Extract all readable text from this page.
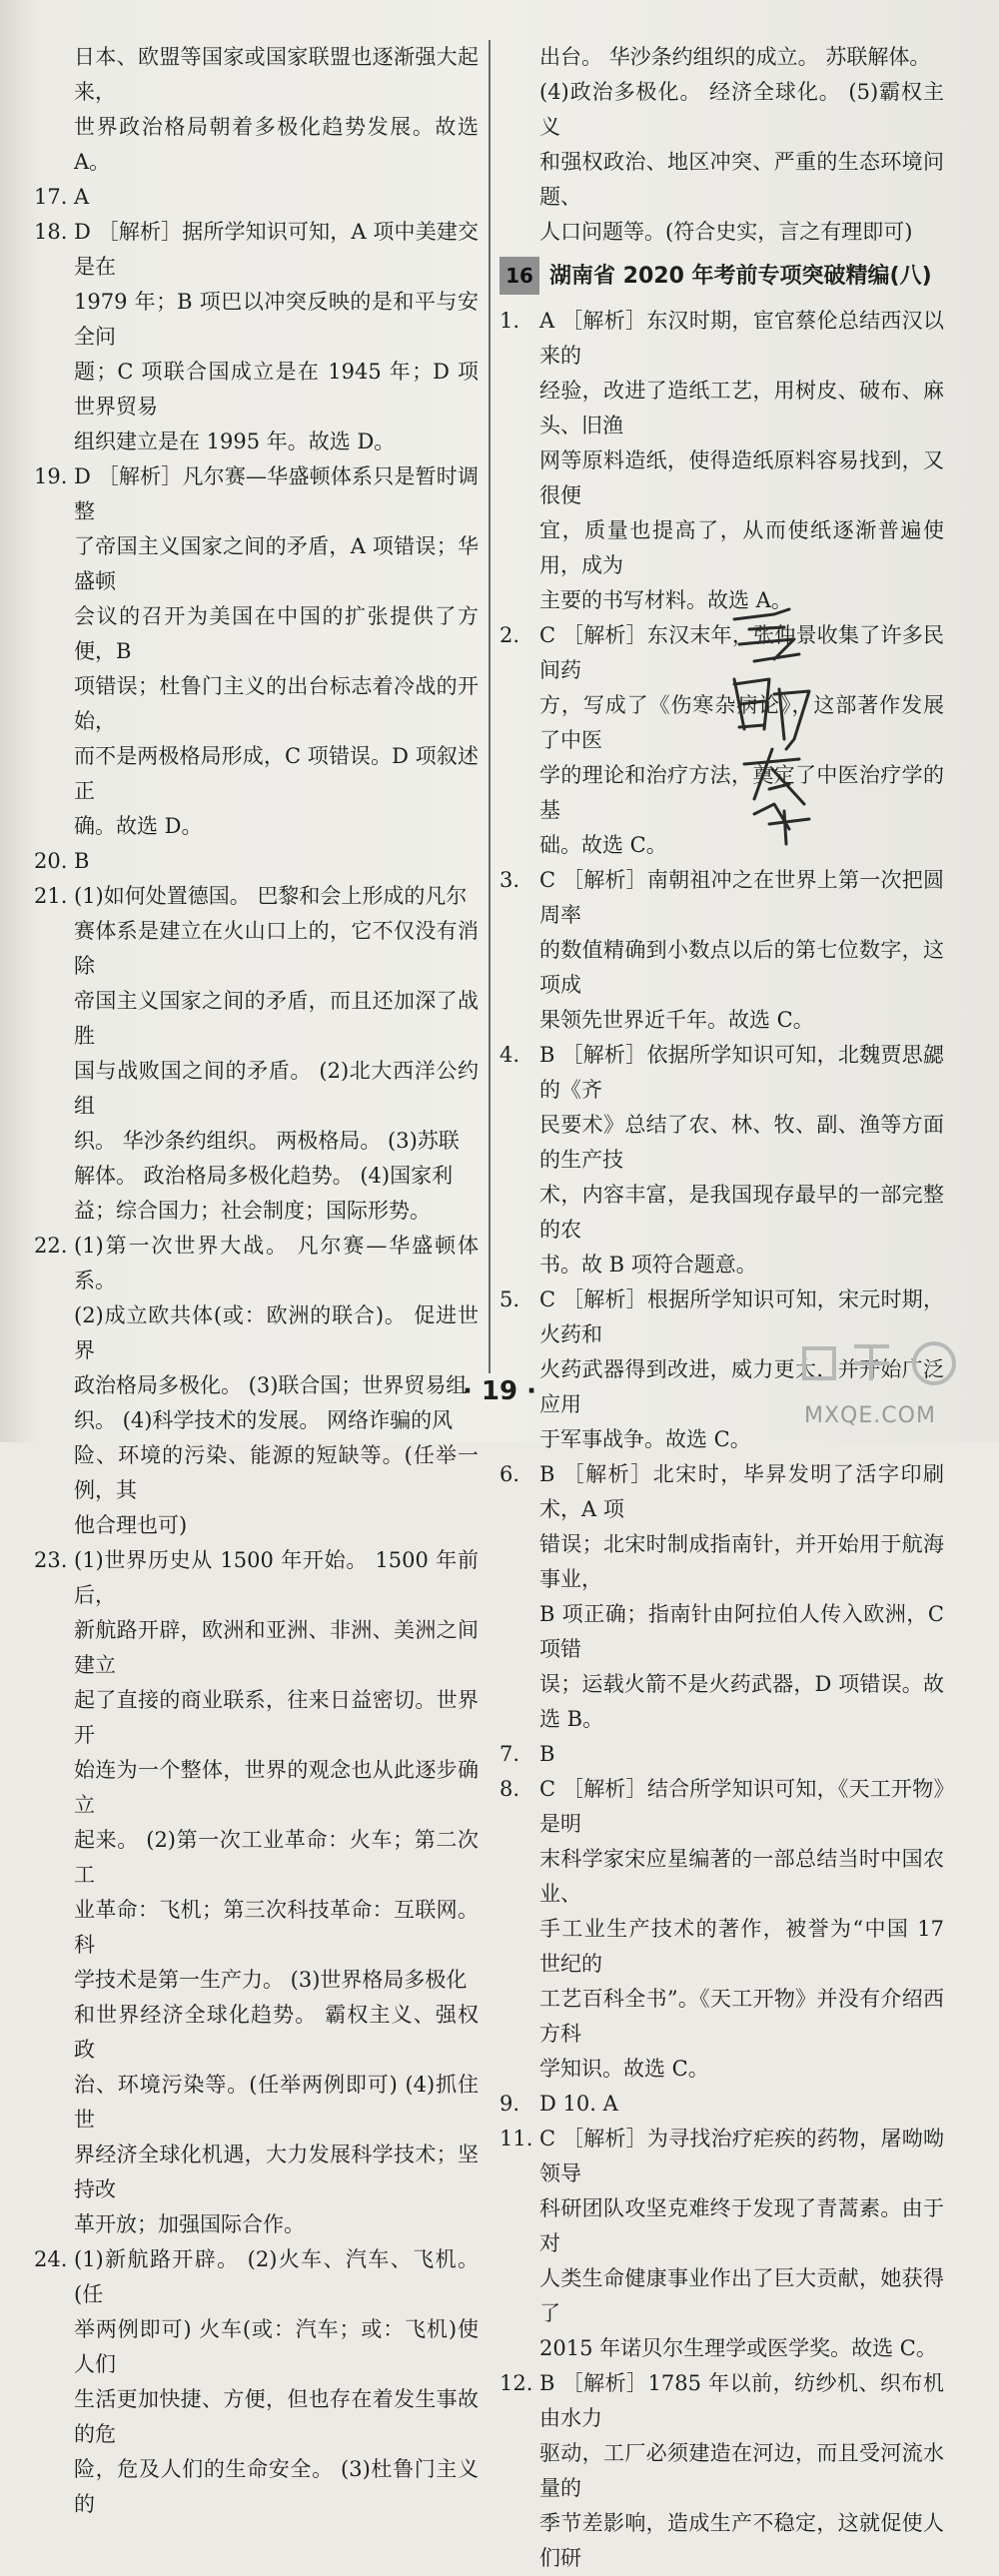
日本、欧盟等国家或国家联盟也逐渐强大起来，
世界政治格局朝着多极化趋势发展。故选 A。
17. A
18. D ［解析］据所学知识可知，A 项中美建交是在
1979 年；B 项巴以冲突反映的是和平与安全问
题；C 项联合国成立是在 1945 年；D 项世界贸易
组织建立是在 1995 年。故选 D。
19. D ［解析］凡尔赛—华盛顿体系只是暂时调整
了帝国主义国家之间的矛盾，A 项错误；华盛顿
会议的召开为美国在中国的扩张提供了方便，B
项错误；杜鲁门主义的出台标志着冷战的开始，
而不是两极格局形成，C 项错误。D 项叙述正
确。故选 D。
20. B
21. (1)如何处置德国。 巴黎和会上形成的凡尔
赛体系是建立在火山口上的，它不仅没有消除
帝国主义国家之间的矛盾，而且还加深了战胜
国与战败国之间的矛盾。 (2)北大西洋公约组
织。 华沙条约组织。 两极格局。 (3)苏联
解体。 政治格局多极化趋势。 (4)国家利
益；综合国力；社会制度；国际形势。
22. (1)第一次世界大战。 凡尔赛—华盛顿体系。
(2)成立欧共体(或：欧洲的联合)。 促进世界
政治格局多极化。 (3)联合国；世界贸易组
织。 (4)科学技术的发展。 网络诈骗的风
险、环境的污染、能源的短缺等。(任举一例，其
他合理也可)
23. (1)世界历史从 1500 年开始。 1500 年前后，
新航路开辟，欧洲和亚洲、非洲、美洲之间建立
起了直接的商业联系，往来日益密切。世界开
始连为一个整体，世界的观念也从此逐步确立
起来。 (2)第一次工业革命：火车；第二次工
业革命：飞机；第三次科技革命：互联网。 科
学技术是第一生产力。 (3)世界格局多极化
和世界经济全球化趋势。 霸权主义、强权政
治、环境污染等。(任举两例即可) (4)抓住世
界经济全球化机遇，大力发展科学技术；坚持改
革开放；加强国际合作。
24. (1)新航路开辟。 (2)火车、汽车、飞机。(任
举两例即可) 火车(或：汽车；或：飞机)使人们
生活更加快捷、方便，但也存在着发生事故的危
险，危及人们的生命安全。 (3)杜鲁门主义的
出台。 华沙条约组织的成立。 苏联解体。
(4)政治多极化。 经济全球化。 (5)霸权主义
和强权政治、地区冲突、严重的生态环境问题、
人口问题等。(符合史实，言之有理即可)
16 湖南省 2020 年考前专项突破精编(八)
1. A ［解析］东汉时期，宦官蔡伦总结西汉以来的
经验，改进了造纸工艺，用树皮、破布、麻头、旧渔
网等原料造纸，使得造纸原料容易找到，又很便
宜，质量也提高了，从而使纸逐渐普遍使用，成为
主要的书写材料。故选 A。
2. C ［解析］东汉末年，张仲景收集了许多民间药
方，写成了《伤寒杂病论》，这部著作发展了中医
学的理论和治疗方法，奠定了中医治疗学的基
础。故选 C。
3. C ［解析］南朝祖冲之在世界上第一次把圆周率
的数值精确到小数点以后的第七位数字，这项成
果领先世界近千年。故选 C。
4. B ［解析］依据所学知识可知，北魏贾思勰的《齐
民要术》总结了农、林、牧、副、渔等方面的生产技
术，内容丰富，是我国现存最早的一部完整的农
书。故 B 项符合题意。
5. C ［解析］根据所学知识可知，宋元时期，火药和
火药武器得到改进，威力更大，并开始广泛应用
于军事战争。故选 C。
6. B ［解析］北宋时，毕昇发明了活字印刷术，A 项
错误；北宋时制成指南针，并开始用于航海事业，
B 项正确；指南针由阿拉伯人传入欧洲，C 项错
误；运载火箭不是火药武器，D 项错误。故选 B。
7. B
8. C ［解析］结合所学知识可知，《天工开物》是明
末科学家宋应星编著的一部总结当时中国农业、
手工业生产技术的著作，被誉为“中国 17 世纪的
工艺百科全书”。《天工开物》并没有介绍西方科
学知识。故选 C。
9. D 10. A
11. C ［解析］为寻找治疗疟疾的药物，屠呦呦领导
科研团队攻坚克难终于发现了青蒿素。由于对
人类生命健康事业作出了巨大贡献，她获得了
2015 年诺贝尔生理学或医学奖。故选 C。
12. B ［解析］1785 年以前，纺纱机、织布机由水力
驱动，工厂必须建造在河边，而且受河流水量的
季节差影响，造成生产不稳定，这就促使人们研
MXQE.COM
· 19 ·
